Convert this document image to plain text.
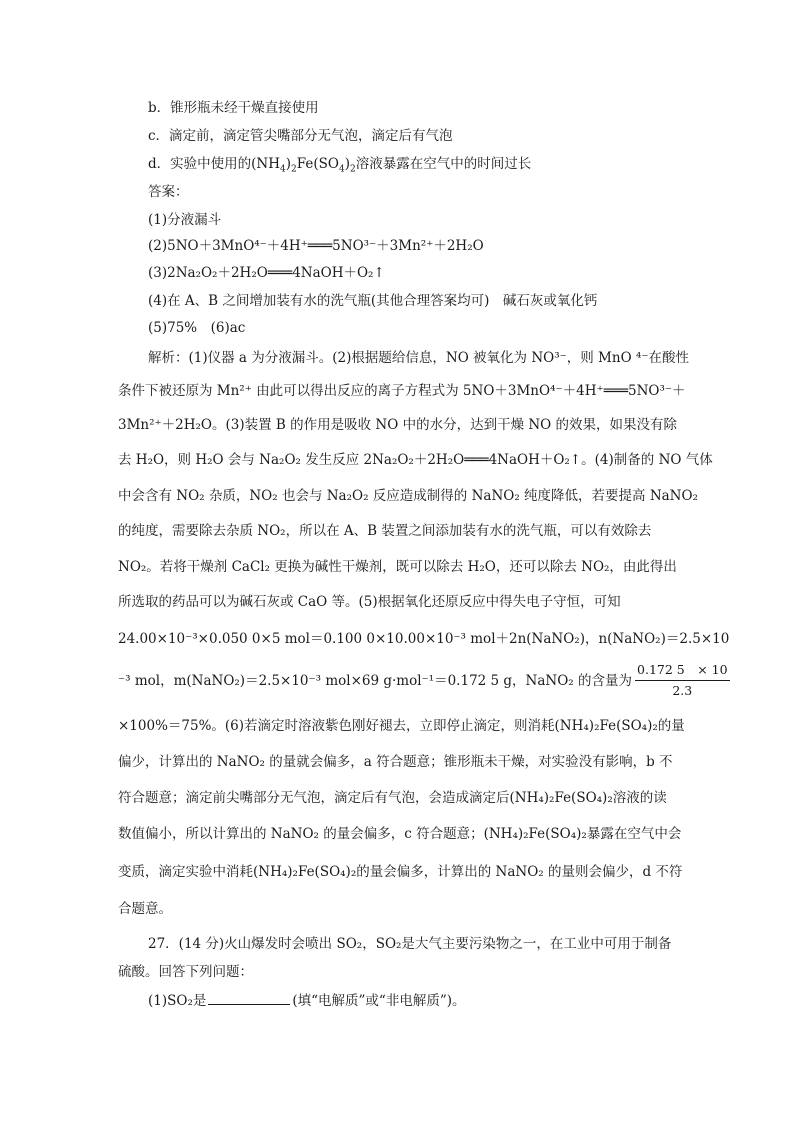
b．锥形瓶未经干燥直接使用
c．滴定前，滴定管尖嘴部分无气泡，滴定后有气泡
d．实验中使用的$(NH_4)_2Fe(SO_4)_2$溶液暴露在空气中的时间过长
答案：
(1)分液漏斗
(2)5NO＋3MnO⁴⁻＋4H⁺═══5NO³⁻＋3Mn²⁺＋2H₂O
(3)2Na₂O₂＋2H₂O═══4NaOH＋O₂↑
(4)在 A、B 之间增加装有水的洗气瓶(其他合理答案均可)　碱石灰或氧化钙
(5)75%　(6)ac
解析：(1)仪器 a 为分液漏斗。(2)根据题给信息，NO 被氧化为 NO³⁻，则 MnO ⁴⁻在酸性
条件下被还原为 Mn²⁺ 由此可以得出反应的离子方程式为 5NO＋3MnO⁴⁻＋4H⁺═══5NO³⁻＋
3Mn²⁺＋2H₂O。(3)装置 B 的作用是吸收 NO 中的水分，达到干燥 NO 的效果，如果没有除
去 H₂O，则 H₂O 会与 Na₂O₂ 发生反应 2Na₂O₂＋2H₂O═══4NaOH＋O₂↑。(4)制备的 NO 气体
中会含有 NO₂ 杂质，NO₂ 也会与 Na₂O₂ 反应造成制得的 NaNO₂ 纯度降低，若要提高 NaNO₂
的纯度，需要除去杂质 NO₂，所以在 A、B 装置之间添加装有水的洗气瓶，可以有效除去
NO₂。若将干燥剂 CaCl₂ 更换为碱性干燥剂，既可以除去 H₂O，还可以除去 NO₂，由此得出
所选取的药品可以为碱石灰或 CaO 等。(5)根据氧化还原反应中得失电子守恒，可知
24.00×10⁻³×0.050 0×5 mol＝0.100 0×10.00×10⁻³ mol＋2n(NaNO₂)，n(NaNO₂)＝2.5×10
⁻³ mol，m(NaNO₂)＝2.5×10⁻³ mol×69 g·mol⁻¹＝0.172 5 g，NaNO₂ 的含量为 $\frac{0.172 5 \times 10}{2.3}$
×100%＝75%。(6)若滴定时溶液紫色刚好褪去，立即停止滴定，则消耗(NH₄)₂Fe(SO₄)₂的量
偏少，计算出的 NaNO₂ 的量就会偏多，a 符合题意；锥形瓶未干燥，对实验没有影响，b 不
符合题意；滴定前尖嘴部分无气泡，滴定后有气泡，会造成滴定后(NH₄)₂Fe(SO₄)₂溶液的读
数值偏小，所以计算出的 NaNO₂ 的量会偏多，c 符合题意；(NH₄)₂Fe(SO₄)₂暴露在空气中会
变质，滴定实验中消耗(NH₄)₂Fe(SO₄)₂的量会偏多，计算出的 NaNO₂ 的量则会偏少，d 不符
合题意。
27．(14 分)火山爆发时会喷出 SO₂，SO₂是大气主要污染物之一，在工业中可用于制备
硫酸。回答下列问题：
(1)SO₂是	(填“电解质”或“非电解质”)。
